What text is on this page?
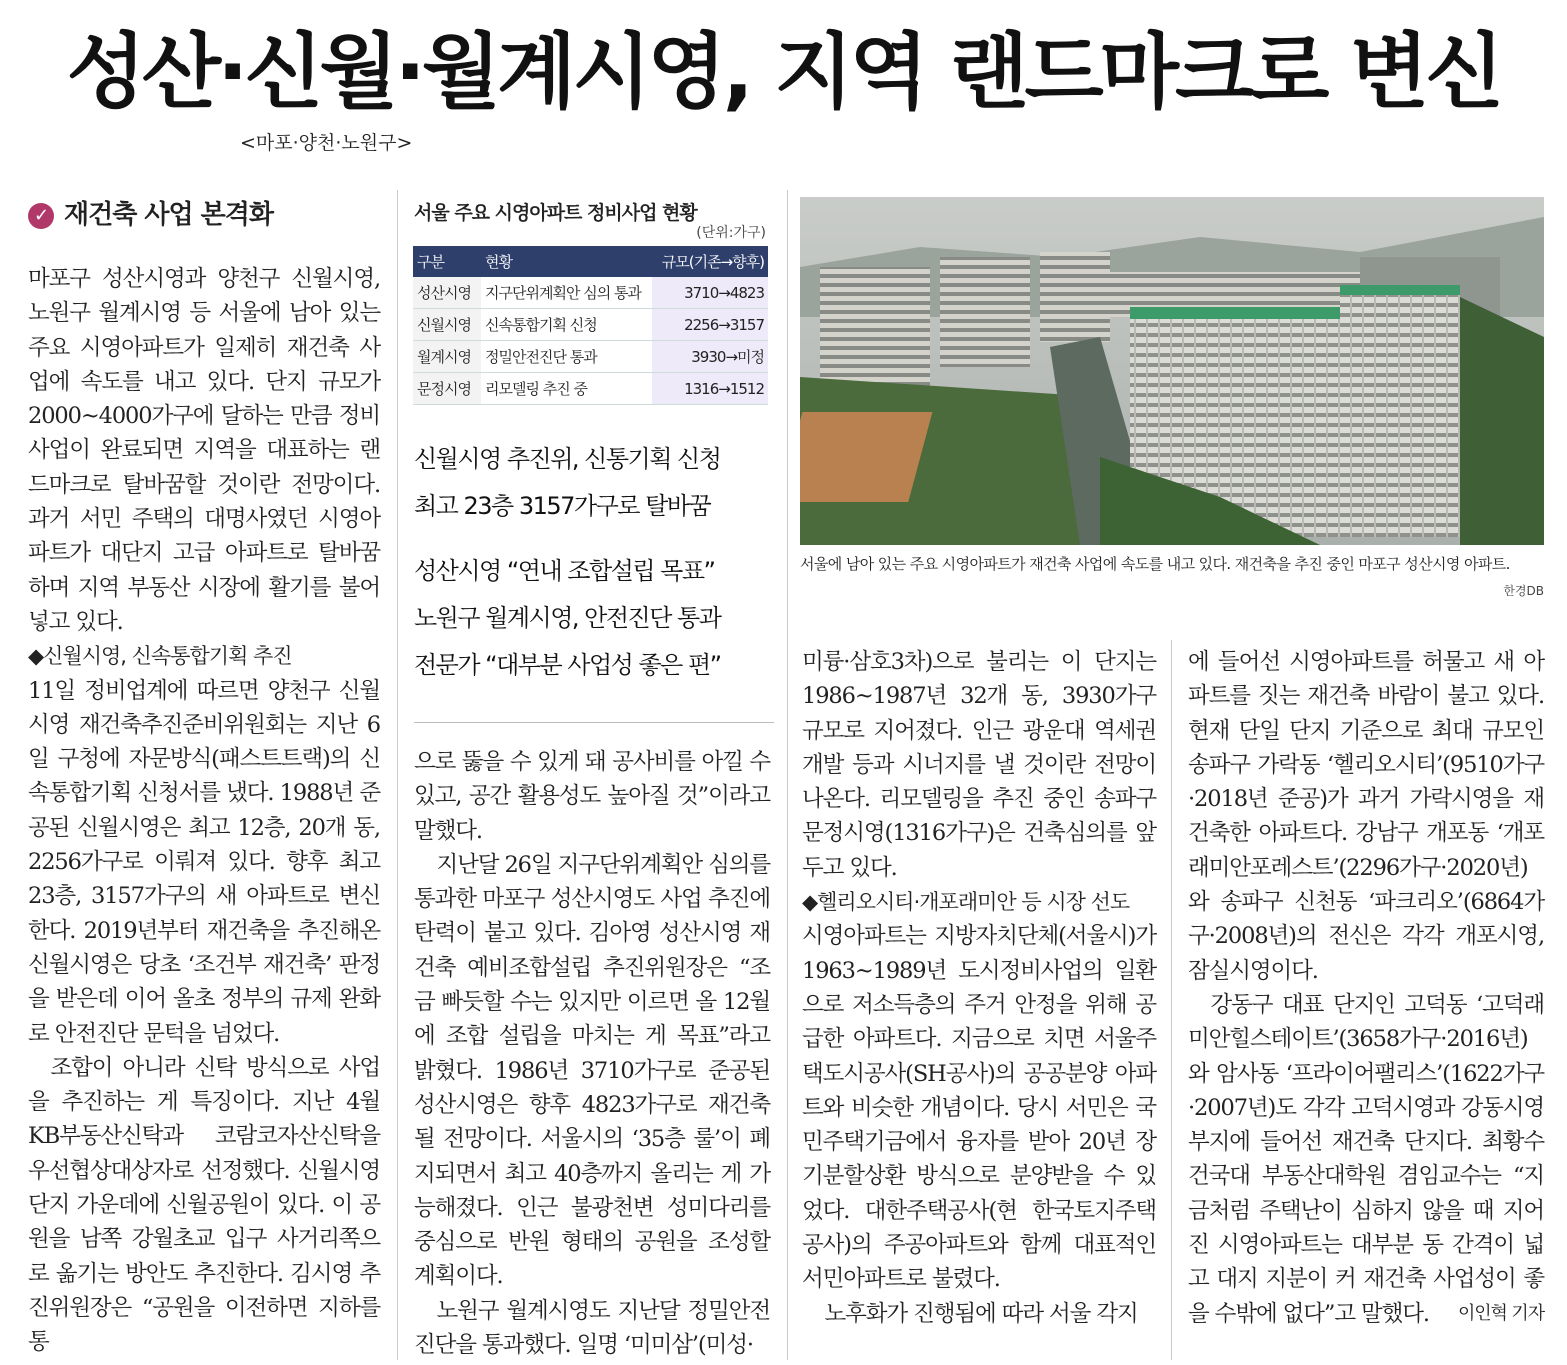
성산·신월·월계시영, 지역 랜드마크로 변신
<마포·양천·노원구>
✓ 재건축 사업 본격화

마포구 성산시영과 양천구 신월시영, 노원구 월계시영 등 서울에 남아 있는 주요 시영아파트가 일제히 재건축 사업에 속도를 내고 있다. 단지 규모가 2000~4000가구에 달하는 만큼 정비사업이 완료되면 지역을 대표하는 랜드마크로 탈바꿈할 것이란 전망이다. 과거 서민 주택의 대명사였던 시영아파트가 대단지 고급 아파트로 탈바꿈하며 지역 부동산 시장에 활기를 불어넣고 있다.

◆신월시영, 신속통합기획 추진

11일 정비업계에 따르면 양천구 신월시영 재건축추진준비위원회는 지난 6일 구청에 자문방식(패스트트랙)의 신속통합기획 신청서를 냈다. 1988년 준공된 신월시영은 최고 12층, 20개 동, 2256가구로 이뤄져 있다. 향후 최고 23층, 3157가구의 새 아파트로 변신한다. 2019년부터 재건축을 추진해온 신월시영은 당초 ‘조건부 재건축’ 판정을 받은데 이어 올초 정부의 규제 완화로 안전진단 문턱을 넘었다.

조합이 아니라 신탁 방식으로 사업을 추진하는 게 특징이다. 지난 4월 KB부동산신탁과 코람코자산신탁을 우선협상대상자로 선정했다. 신월시영 단지 가운데에 신월공원이 있다. 이 공원을 남쪽 강월초교 입구 사거리쪽으로 옮기는 방안도 추진한다. 김시영 추진위원장은 “공원을 이전하면 지하를 통

서울 주요 시영아파트 정비사업 현황
(단위:가구)
구분	현황	규모(기존→향후)
성산시영	지구단위계획안 심의 통과	3710→4823
신월시영	신속통합기획 신청	2256→3157
월계시영	정밀안전진단 통과	3930→미정
문정시영	리모델링 추진 중	1316→1512
신월시영 추진위, 신통기획 신청
최고 23층 3157가구로 탈바꿈
성산시영 “연내 조합설립 목표”
노원구 월계시영, 안전진단 통과
전문가 “대부분 사업성 좋은 편”

으로 뚫을 수 있게 돼 공사비를 아낄 수 있고, 공간 활용성도 높아질 것”이라고 말했다.

지난달 26일 지구단위계획안 심의를 통과한 마포구 성산시영도 사업 추진에 탄력이 붙고 있다. 김아영 성산시영 재건축 예비조합설립 추진위원장은 “조금 빠듯할 수는 있지만 이르면 올 12월에 조합 설립을 마치는 게 목표”라고 밝혔다. 1986년 3710가구로 준공된 성산시영은 향후 4823가구로 재건축될 전망이다. 서울시의 ‘35층 룰’이 폐지되면서 최고 40층까지 올리는 게 가능해졌다. 인근 불광천변 성미다리를 중심으로 반원 형태의 공원을 조성할 계획이다.

노원구 월계시영도 지난달 정밀안전진단을 통과했다. 일명 ‘미미삼’(미성·

서울에 남아 있는 주요 시영아파트가 재건축 사업에 속도를 내고 있다. 재건축을 추진 중인 마포구 성산시영 아파트.
한경DB

미륭·삼호3차)으로 불리는 이 단지는 1986~1987년 32개 동, 3930가구 규모로 지어졌다. 인근 광운대 역세권 개발 등과 시너지를 낼 것이란 전망이 나온다. 리모델링을 추진 중인 송파구 문정시영(1316가구)은 건축심의를 앞두고 있다.

◆헬리오시티·개포래미안 등 시장 선도

시영아파트는 지방자치단체(서울시)가 1963~1989년 도시정비사업의 일환으로 저소득층의 주거 안정을 위해 공급한 아파트다. 지금으로 치면 서울주택도시공사(SH공사)의 공공분양 아파트와 비슷한 개념이다. 당시 서민은 국민주택기금에서 융자를 받아 20년 장기분할상환 방식으로 분양받을 수 있었다. 대한주택공사(현 한국토지주택공사)의 주공아파트와 함께 대표적인 서민아파트로 불렸다.

노후화가 진행됨에 따라 서울 각지

에 들어선 시영아파트를 허물고 새 아파트를 짓는 재건축 바람이 불고 있다. 현재 단일 단지 기준으로 최대 규모인 송파구 가락동 ‘헬리오시티’(9510가구·2018년 준공)가 과거 가락시영을 재건축한 아파트다. 강남구 개포동 ‘개포래미안포레스트’(2296가구·2020년)와 송파구 신천동 ‘파크리오’(6864가구·2008년)의 전신은 각각 개포시영, 잠실시영이다.

강동구 대표 단지인 고덕동 ‘고덕래미안힐스테이트’(3658가구·2016년)와 암사동 ‘프라이어팰리스’(1622가구·2007년)도 각각 고덕시영과 강동시영 부지에 들어선 재건축 단지다. 최황수 건국대 부동산대학원 겸임교수는 “지금처럼 주택난이 심하지 않을 때 지어진 시영아파트는 대부분 동 간격이 넓고 대지 지분이 커 재건축 사업성이 좋을 수밖에 없다”고 말했다.	이인혁 기자
